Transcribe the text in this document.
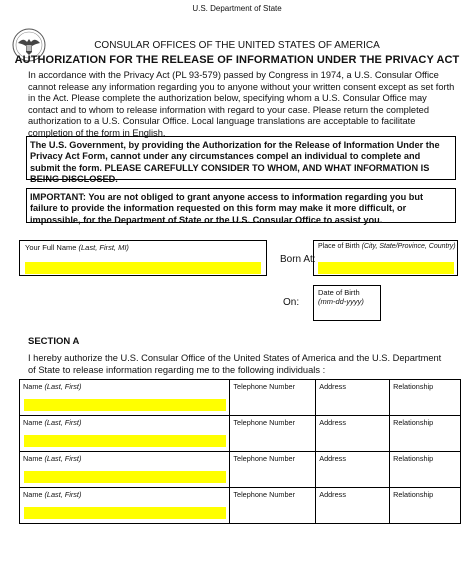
U.S. Department of State
CONSULAR OFFICES OF THE UNITED STATES OF AMERICA
AUTHORIZATION FOR THE RELEASE OF INFORMATION UNDER THE PRIVACY ACT
In accordance with the Privacy Act (PL 93-579) passed by Congress in 1974, a U.S. Consular Office cannot release any information regarding you to anyone without your written consent except as set forth in the Act. Please complete the authorization below, specifying whom a U.S. Consular Office may contact and to whom to release information with regard to your case. Please return the completed authorization to a U.S. Consular Office. Local language translations are acceptable to facilitate completion of the form in English.
The U.S. Government, by providing the Authorization for the Release of Information Under the Privacy Act Form, cannot under any circumstances compel an individual to complete and submit the form. PLEASE CAREFULLY CONSIDER TO WHOM, AND WHAT INFORMATION IS BEING DISCLOSED.
IMPORTANT: You are not obliged to grant anyone access to information regarding you but failure to provide the information requested on this form may make it more difficult, or impossible, for the Department of State or the U.S. Consular Office to assist you.
Your Full Name (Last, First, MI)
Born At:
Place of Birth (City, State/Province, Country)
On:
Date of Birth
(mm-dd-yyyy)
SECTION A
I hereby authorize the U.S. Consular Office of the United States of America and the U.S. Department of State to release information regarding me to the following individuals :
Name (Last, First)	Telephone Number	Address	Relationship
Name (Last, First)	Telephone Number	Address	Relationship
Name (Last, First)	Telephone Number	Address	Relationship
Name (Last, First)	Telephone Number	Address	Relationship
